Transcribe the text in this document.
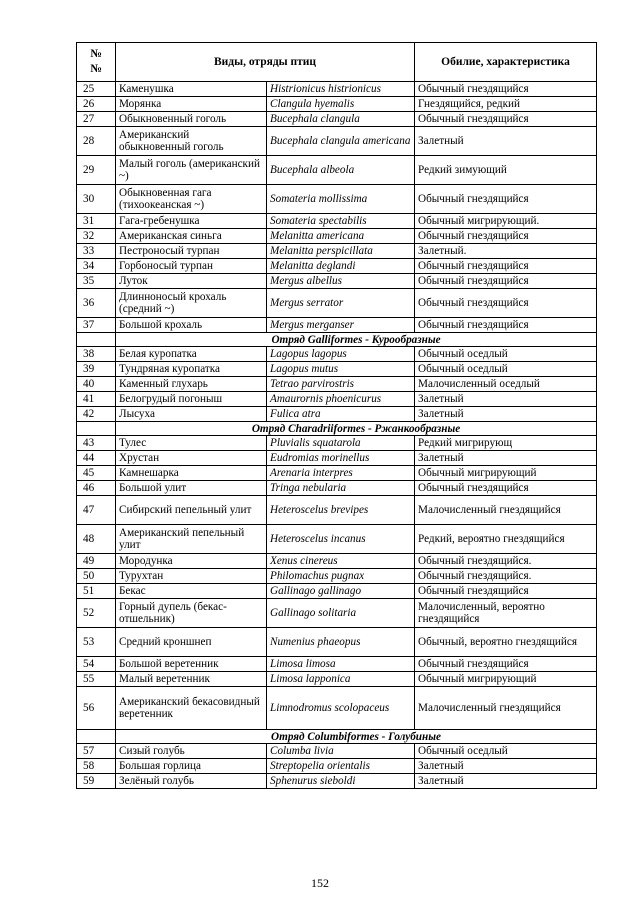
№
№	Виды, отряды птиц		Обилие, характеристика
25	Каменушка	Histrionicus histrionicus	Обычный гнездящийся
26	Морянка	Clangula hyemalis	Гнездящийся, редкий
27	Обыкновенный гоголь	Bucephala clangula	Обычный гнездящийся
28	Американский обыкновенный гоголь	Bucephala clangula americana	Залетный
29	Малый гоголь (американский ~)	Bucephala albeola	Редкий зимующий
30	Обыкновенная гага (тихоокеанская ~)	Somateria mollissima	Обычный гнездящийся
31	Гага-гребенушка	Somateria spectabilis	Обычный мигрирующий.
32	Американская синьга	Melanitta americana	Обычный гнездящийся
33	Пестроносый турпан	Melanitta perspicillata	Залетный.
34	Горбоносый турпан	Melanitta deglandi	Обычный гнездящийся
35	Луток	Mergus albellus	Обычный гнездящийся
36	Длинноносый крохаль (средний ~)	Mergus serrator	Обычный гнездящийся
37	Большой крохаль	Mergus merganser	Обычный гнездящийся
	Отряд Galliformes - Курообразные		
38	Белая куропатка	Lagopus lagopus	Обычный оседлый
39	Тундряная куропатка	Lagopus mutus	Обычный оседлый
40	Каменный глухарь	Tetrao parvirostris	Малочисленный оседлый
41	Белогрудый погоныш	Amaurornis phoenicurus	Залетный
42	Лысуха	Fulica atra	Залетный
	Отряд Charadriiformes - Ржанкообразные		
43	Тулес	Pluvialis squatarola	Редкий мигрирующ
44	Хрустан	Eudromias morinellus	Залетный
45	Камнешарка	Arenaria interpres	Обычный мигрирующий
46	Большой улит	Tringa nebularia	Обычный гнездящийся
47	Сибирский пепельный улит	Heteroscelus brevipes	Малочисленный гнездящийся
48	Американский пепельный улит	Heteroscelus incanus	Редкий, вероятно гнездящийся
49	Мородунка	Xenus cinereus	Обычный гнездящийся.
50	Турухтан	Philomachus pugnax	Обычный гнездящийся.
51	Бекас	Gallinago gallinago	Обычный гнездящийся
52	Горный дупель (бекас-отшельник)	Gallinago solitaria	Малочисленный, вероятно гнездящийся
53	Средний кроншнеп	Numenius phaeopus	Обычный, вероятно гнездящийся
54	Большой веретенник	Limosa limosa	Обычный гнездящийся
55	Малый веретенник	Limosa lapponica	Обычный мигрирующий
56	Американский бекасовидный веретенник	Limnodromus scolopaceus	Малочисленный гнездящийся
	Отряд Columbiformes - Голубиные		
57	Сизый голубь	Columba livia	Обычный оседлый
58	Большая горлица	Streptopelia orientalis	Залетный
59	Зелёный голубь	Sphenurus sieboldi	Залетный
152
